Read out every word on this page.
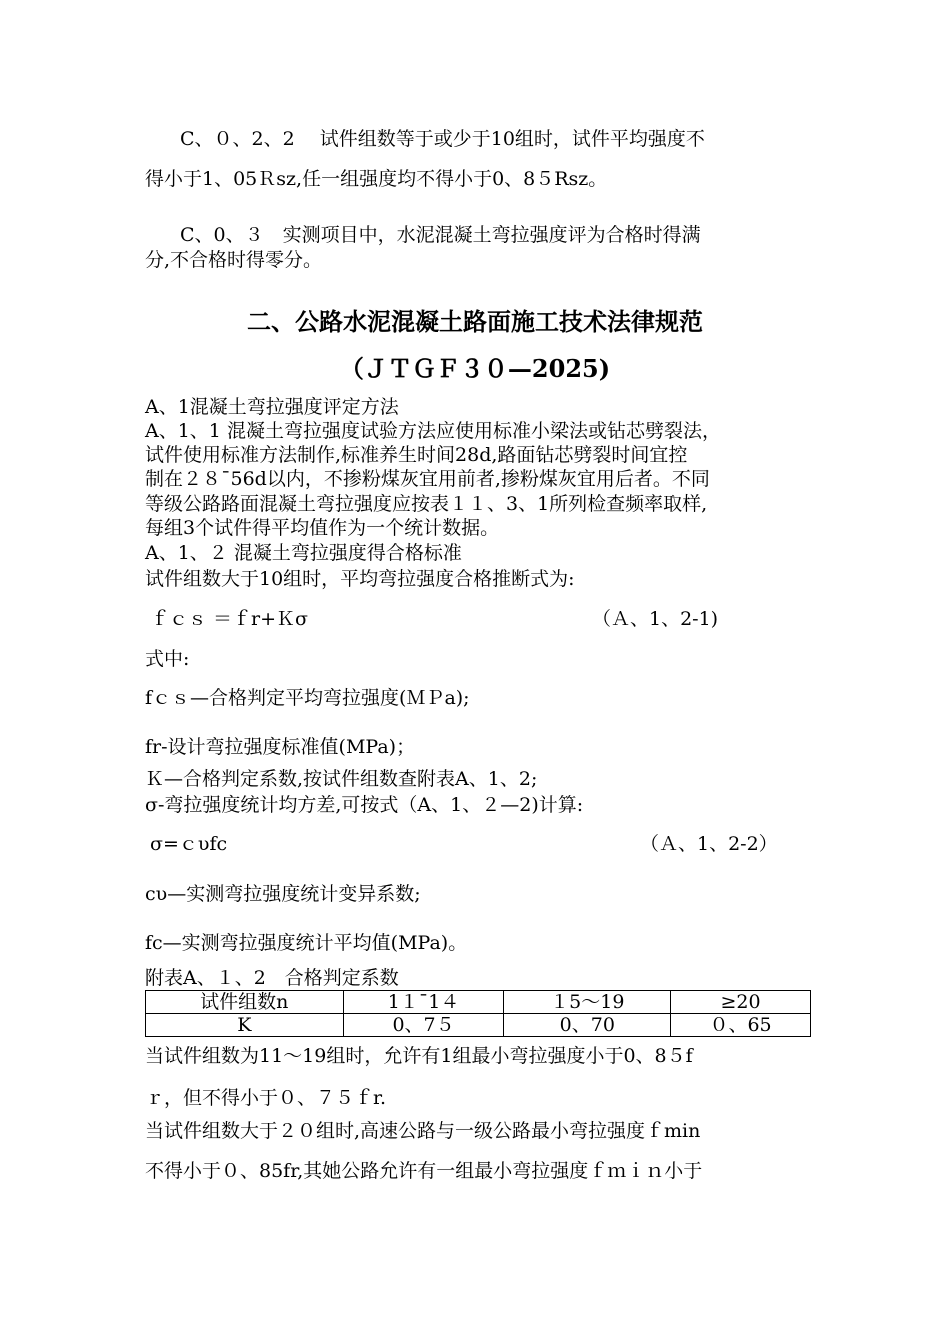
C、０、2、2　 试件组数等于或少于10组时，试件平均强度不
得小于1、05Ｒsz,任一组强度均不得小于0、8５Rsz。
C、0、３　实测项目中，水泥混凝土弯拉强度评为合格时得满
分,不合格时得零分。
二、公路水泥混凝土路面施工技术法律规范
（ＪＴＧＦ３０—2025)
A、1混凝土弯拉强度评定方法
A、1、1 混凝土弯拉强度试验方法应使用标准小梁法或钻芯劈裂法，
试件使用标准方法制作,标准养生时间28d,路面钻芯劈裂时间宜控
制在２８¯56d以内，不掺粉煤灰宜用前者,掺粉煤灰宜用后者。不同
等级公路路面混凝土弯拉强度应按表１１、3、1所列检查频率取样,
每组3个试件得平均值作为一个统计数据。
A、1、２ 混凝土弯拉强度得合格标准
试件组数大于10组时，平均弯拉强度合格推断式为:
ｆｃｓ ＝ｆr+Ｋσ	（Ａ、1、2-1)
式中:
fｃｓ—合格判定平均弯拉强度(ＭＰa);
fr-设计弯拉强度标准值(MPa)；
Ｋ—合格判定系数,按试件组数查附表A、1、2;
σ-弯拉强度统计均方差,可按式（A、1、２—2)计算:
σ=ｃυfc	（Ａ、1、2-2）
cυ—实测弯拉强度统计变异系数;
fc—实测弯拉强度统计平均值(MPa)。
附表A、１、2　合格判定系数
试件组数n	1１¯1４	１5～19	≥20
K	0、7５	0、70	０、65
当试件组数为11～19组时，允许有1组最小弯拉强度小于0、8５f
ｒ，但不得小于０、７５ｆr.
当试件组数大于２０组时,高速公路与一级公路最小弯拉强度ｆmin
不得小于０、85fr,其她公路允许有一组最小弯拉强度ｆｍｉｎ小于
